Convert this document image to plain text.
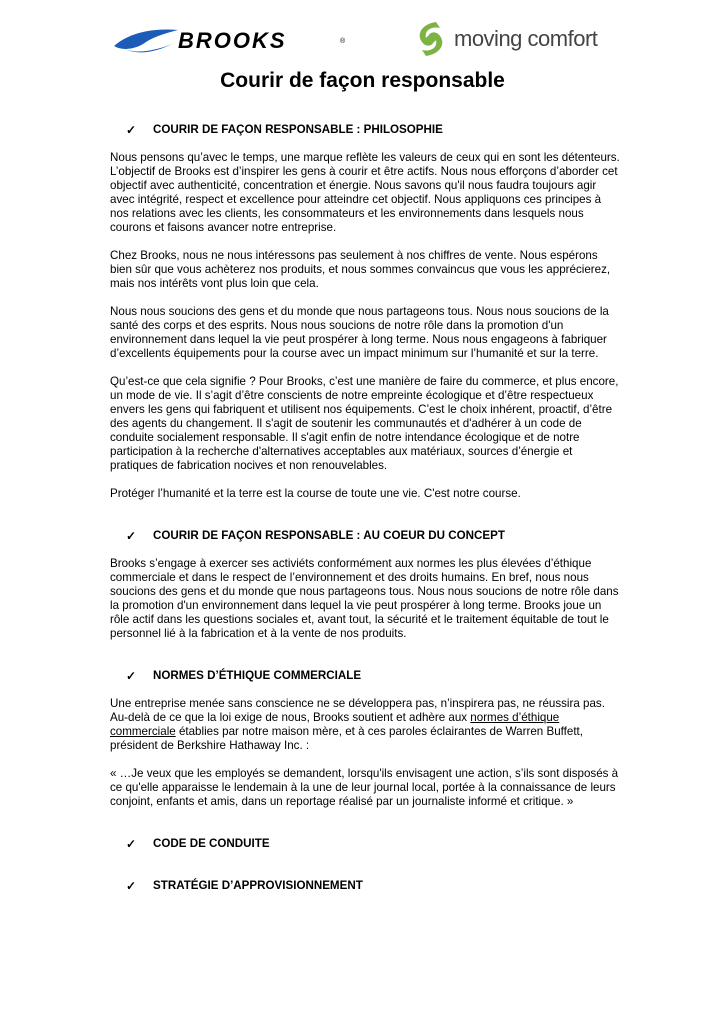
BROOKS	®	moving comfort
Courir de façon responsable
✓ COURIR DE FAÇON RESPONSABLE : PHILOSOPHIE

Nous pensons qu’avec le temps, une marque reflète les valeurs de ceux qui en sont les détenteurs. L’objectif de Brooks est d’inspirer les gens à courir et être actifs. Nous nous efforçons d’aborder cet objectif avec authenticité, concentration et énergie. Nous savons qu'il nous faudra toujours agir avec intégrité, respect et excellence pour atteindre cet objectif. Nous appliquons ces principes à nos relations avec les clients, les consommateurs et les environnements dans lesquels nous courons et faisons avancer notre entreprise.

Chez Brooks, nous ne nous intéressons pas seulement à nos chiffres de vente. Nous espérons bien sûr que vous achèterez nos produits, et nous sommes convaincus que vous les apprécierez, mais nos intérêts vont plus loin que cela.

Nous nous soucions des gens et du monde que nous partageons tous. Nous nous soucions de la santé des corps et des esprits. Nous nous soucions de notre rôle dans la promotion d'un environnement dans lequel la vie peut prospérer à long terme. Nous nous engageons à fabriquer d’excellents équipements pour la course avec un impact minimum sur l’humanité et sur la terre.

Qu’est-ce que cela signifie ? Pour Brooks, c’est une manière de faire du commerce, et plus encore, un mode de vie. Il s’agit d’être conscients de notre empreinte écologique et d’être respectueux envers les gens qui fabriquent et utilisent nos équipements. C’est le choix inhérent, proactif, d’être des agents du changement. Il s'agit de soutenir les communautés et d'adhérer à un code de conduite socialement responsable. Il s'agit enfin de notre intendance écologique et de notre participation à la recherche d'alternatives acceptables aux matériaux, sources d’énergie et pratiques de fabrication nocives et non renouvelables.

Protéger l’humanité et la terre est la course de toute une vie. C'est notre course.

✓ COURIR DE FAÇON RESPONSABLE : AU COEUR DU CONCEPT

Brooks s’engage à exercer ses activiéts conformément aux normes les plus élevées d’éthique commerciale et dans le respect de l’environnement et des droits humains. En bref, nous nous soucions des gens et du monde que nous partageons tous. Nous nous soucions de notre rôle dans la promotion d'un environnement dans lequel la vie peut prospérer à long terme. Brooks joue un rôle actif dans les questions sociales et, avant tout, la sécurité et le traitement équitable de tout le personnel lié à la fabrication et à la vente de nos produits.

✓ NORMES D’ÉTHIQUE COMMERCIALE

Une entreprise menée sans conscience ne se développera pas, n’inspirera pas, ne réussira pas. Au-delà de ce que la loi exige de nous, Brooks soutient et adhère aux normes d’éthique commerciale établies par notre maison mère, et à ces paroles éclairantes de Warren Buffett, président de Berkshire Hathaway Inc. :

« …Je veux que les employés se demandent, lorsqu'ils envisagent une action, s’ils sont disposés à ce qu'elle apparaisse le lendemain à la une de leur journal local, portée à la connaissance de leurs conjoint, enfants et amis, dans un reportage réalisé par un journaliste informé et critique. »

✓ CODE DE CONDUITE
✓ STRATÉGIE D’APPROVISIONNEMENT
